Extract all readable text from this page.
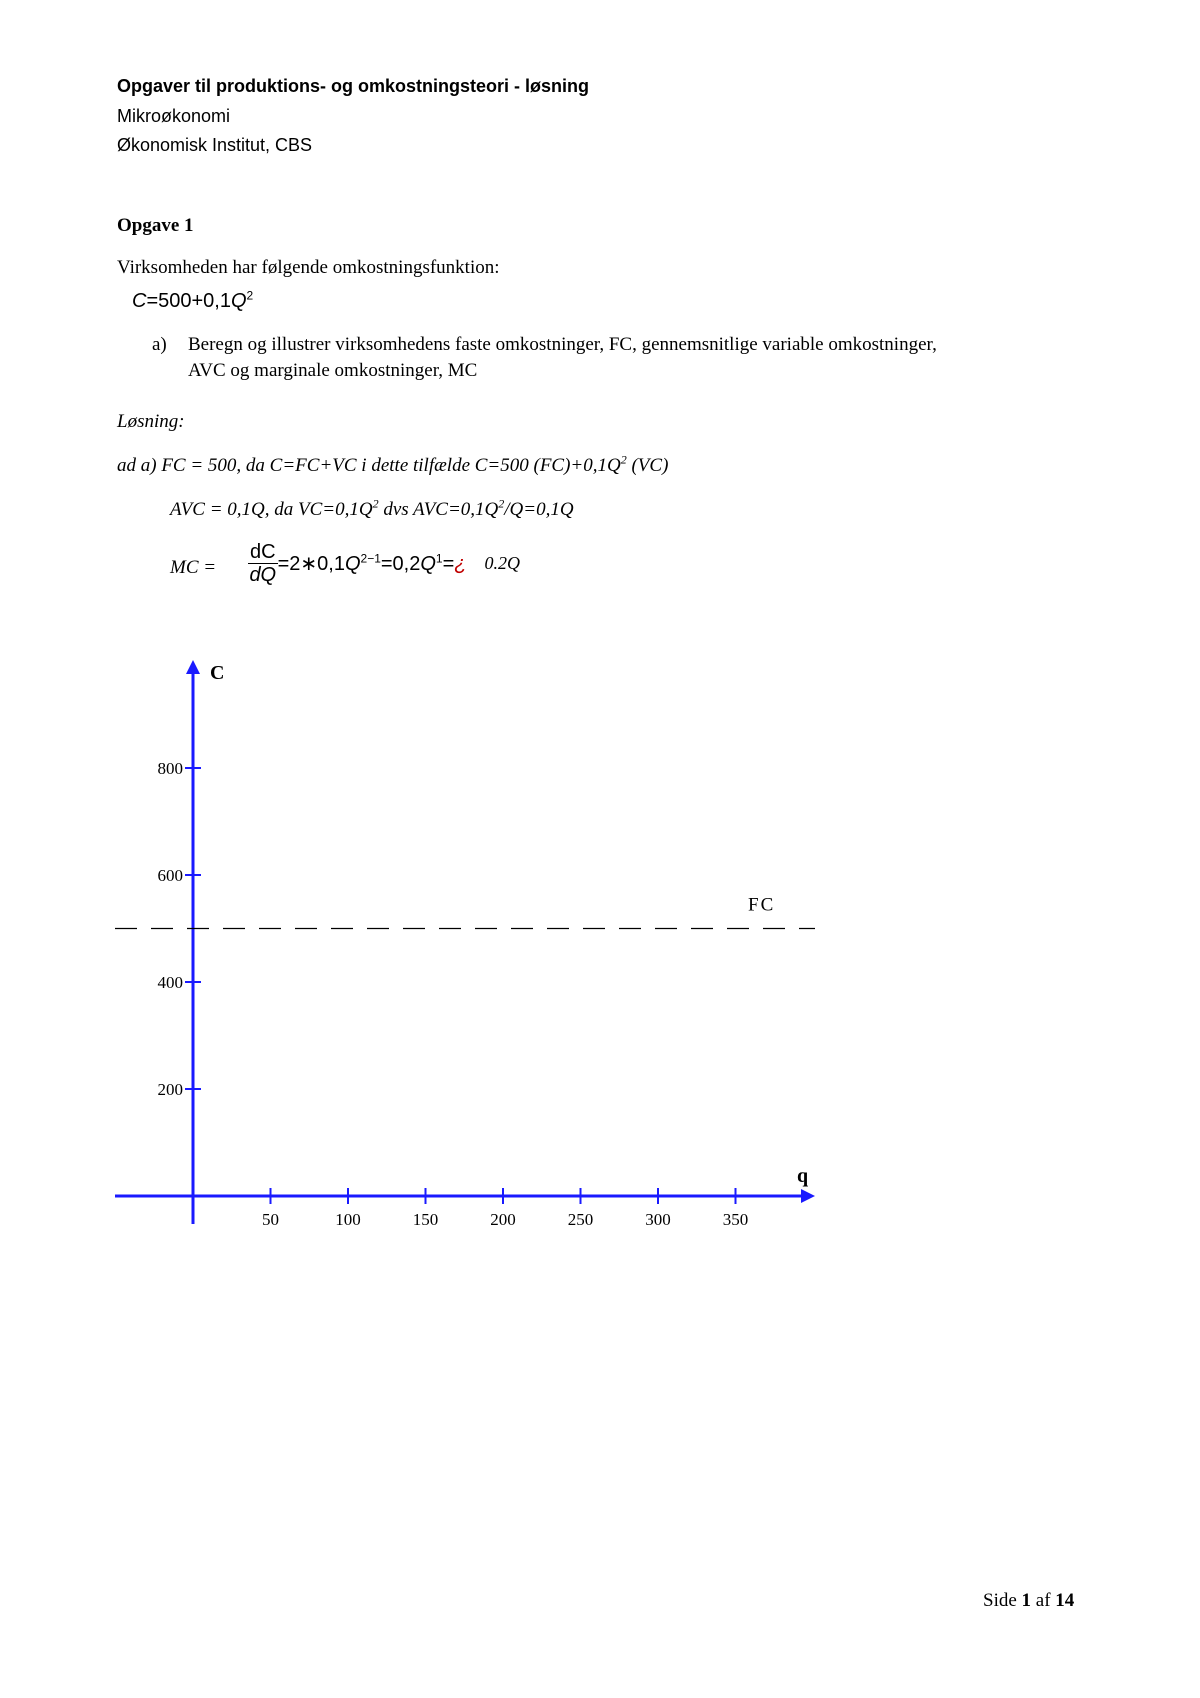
Opgaver til produktions- og omkostningsteori - løsning
Mikroøkonomi
Økonomisk Institut, CBS
Opgave 1
Virksomheden har følgende omkostningsfunktion:
$C=500+0,1Q^2$
a) Beregn og illustrer virksomhedens faste omkostninger, FC, gennemsnitlige variable omkostninger,
AVC og marginale omkostninger, MC
Løsning:
ad a) FC = 500, da C=FC+VC i dette tilfælde C=500 $(FC)+0,1Q^2$ (VC)
AVC = 0,1Q, da $VC=0,1Q^2$ dvs $AVC=0,1Q^2/Q=0,1Q$
MC = $\frac{dC}{dQ}$ $=2∗0,1Q^{2-1}=0,2Q^1=¿$ 0.2Q
C
q
50	100	150	200	250	300	350
200
400
600
800
FC
Side 1 af 14
